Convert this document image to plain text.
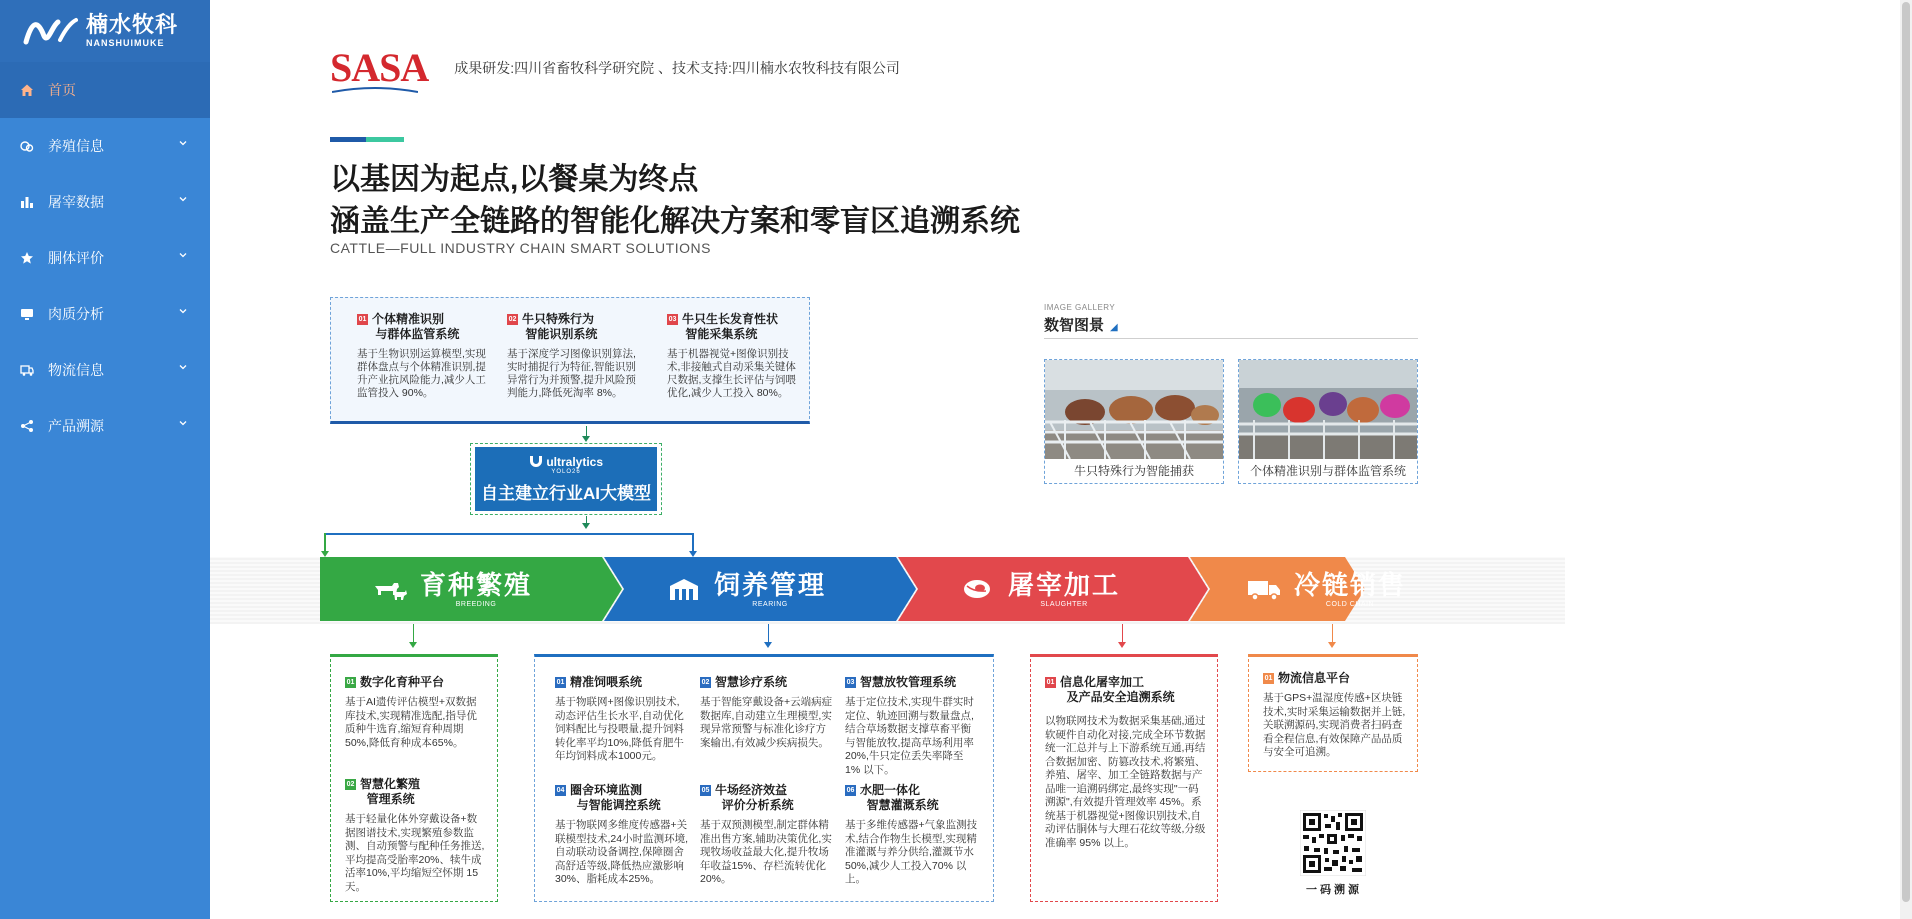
楠水牧科
NANSHUIMUKE
首页
养殖信息
屠宰数据
胴体评价
肉质分析
物流信息
产品溯源
SASA 成果研发:四川省畜牧科学研究院 、技术支持:四川楠水农牧科技有限公司
以基因为起点,以餐桌为终点
涵盖生产全链路的智能化解决方案和零盲区追溯系统
CATTLE—FULL INDUSTRY CHAIN SMART SOLUTIONS
01 个体精准识别
与群体监管系统
基于生物识别运算模型,实现群体盘点与个体精准识别,提升产业抗风险能力,减少人工监管投入 90%。
02 牛只特殊行为
智能识别系统
基于深度学习图像识别算法,实时捕捉行为特征,智能识别异常行为并预警,提升风险预判能力,降低死淘率 8%。
03 牛只生长发育性状
智能采集系统
基于机器视觉+图像识别技术,非接触式自动采集关键体尺数据,支撑生长评估与饲喂优化,减少人工投入 80%。
ultralytics
YOLO26
自主建立行业AI大模型
育种繁殖
BREEDING
饲养管理
REARING
屠宰加工
SLAUGHTER
冷链销售
COLD CHAIN
01 数字化育种平台
基于AI遗传评估模型+双数据库技术,实现精准选配,指导优质种牛选育,缩短育种周期50%,降低育种成本65%。
02 智慧化繁殖
管理系统
基于轻量化体外穿戴设备+数据图谱技术,实现繁殖参数监测、自动预警与配种任务推送,平均提高受胎率20%、犊牛成活率10%,平均缩短空怀期 15 天。
01 精准饲喂系统
基于物联网+图像识别技术,动态评估生长水平,自动优化饲料配比与投喂量,提升饲料转化率平均10%,降低育肥牛年均饲料成本1000元。
02 智慧诊疗系统
基于智能穿戴设备+云端病症数据库,自动建立生理模型,实现异常预警与标准化诊疗方案输出,有效减少疾病损失。
03 智慧放牧管理系统
基于定位技术,实现牛群实时定位、轨迹回溯与数量盘点,结合草场数据支撑草畜平衡与智能放牧,提高草场利用率 20%,牛只定位丢失率降至 1% 以下。
04 圈舍环境监测
与智能调控系统
基于物联网多维度传感器+关联模型技术,24小时监测环境,自动联动设备调控,保障圈舍高舒适等级,降低热应激影响30%、脂耗成本25%。
05 牛场经济效益
评价分析系统
基于双预测模型,制定群体精准出售方案,辅助决策优化,实现牧场收益最大化,提升牧场年收益15%、存栏流转优化20%。
06 水肥一体化
智慧灌溉系统
基于多维传感器+气象监测技术,结合作物生长模型,实现精准灌溉与养分供给,灌溉节水50%,减少人工投入70% 以上。
01 信息化屠宰加工
及产品安全追溯系统
以物联网技术为数据采集基础,通过软硬件自动化对接,完成全环节数据统一汇总并与上下游系统互通,再结合数据加密、防篡改技术,将繁殖、养殖、屠宰、加工全链路数据与产品唯一追溯码绑定,最终实现"一码溯源",有效提升管理效率 45%。系统基于机器视觉+图像识别技术,自动评估胴体与大理石花纹等级,分级准确率 95% 以上。
01 物流信息平台
基于GPS+温湿度传感+区块链技术,实时采集运输数据并上链,关联溯源码,实现消费者扫码查看全程信息,有效保障产品品质与安全可追溯。
一码溯源
IMAGE GALLERY
数智图景 ◢
牛只特殊行为智能捕获	个体精准识别与群体监管系统
